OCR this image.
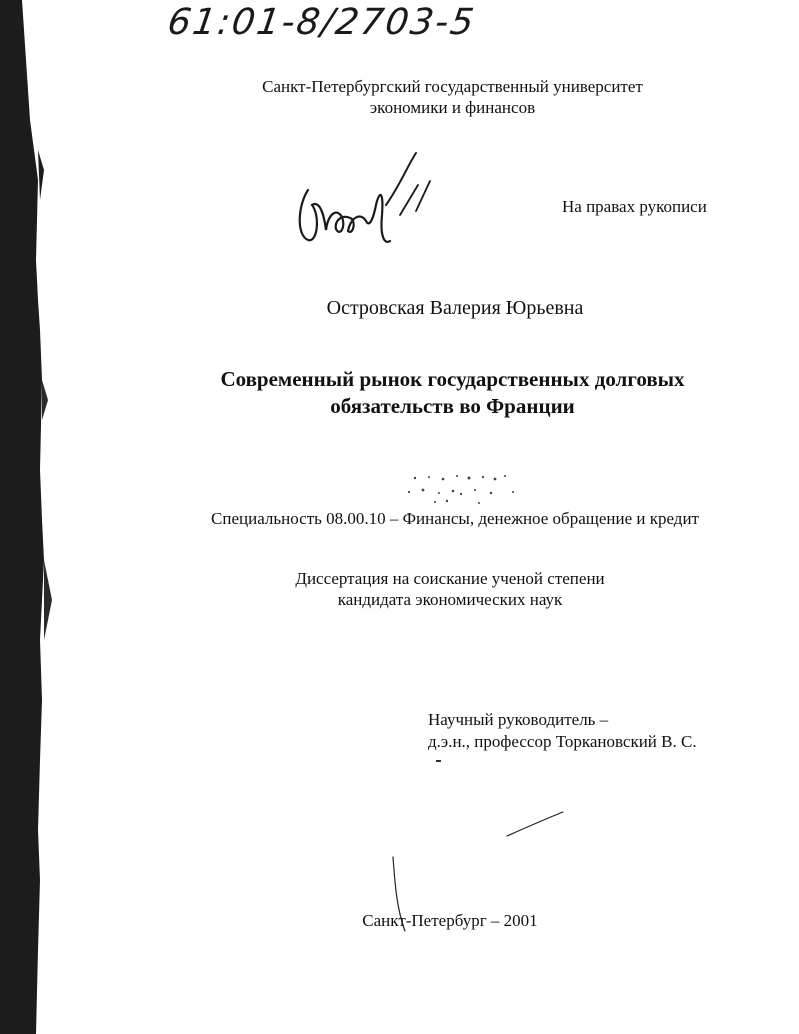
61:01-8/2703-5
Санкт-Петербургский государственный университет
экономики и финансов
На правах рукописи
Островская Валерия Юрьевна
Современный рынок государственных долговых
обязательств во Франции
Специальность 08.00.10 – Финансы, денежное обращение и кредит
Диссертация на соискание ученой степени
кандидата экономических наук
Научный руководитель –
д.э.н., профессор Торкановский В. С.
Санкт-Петербург – 2001
